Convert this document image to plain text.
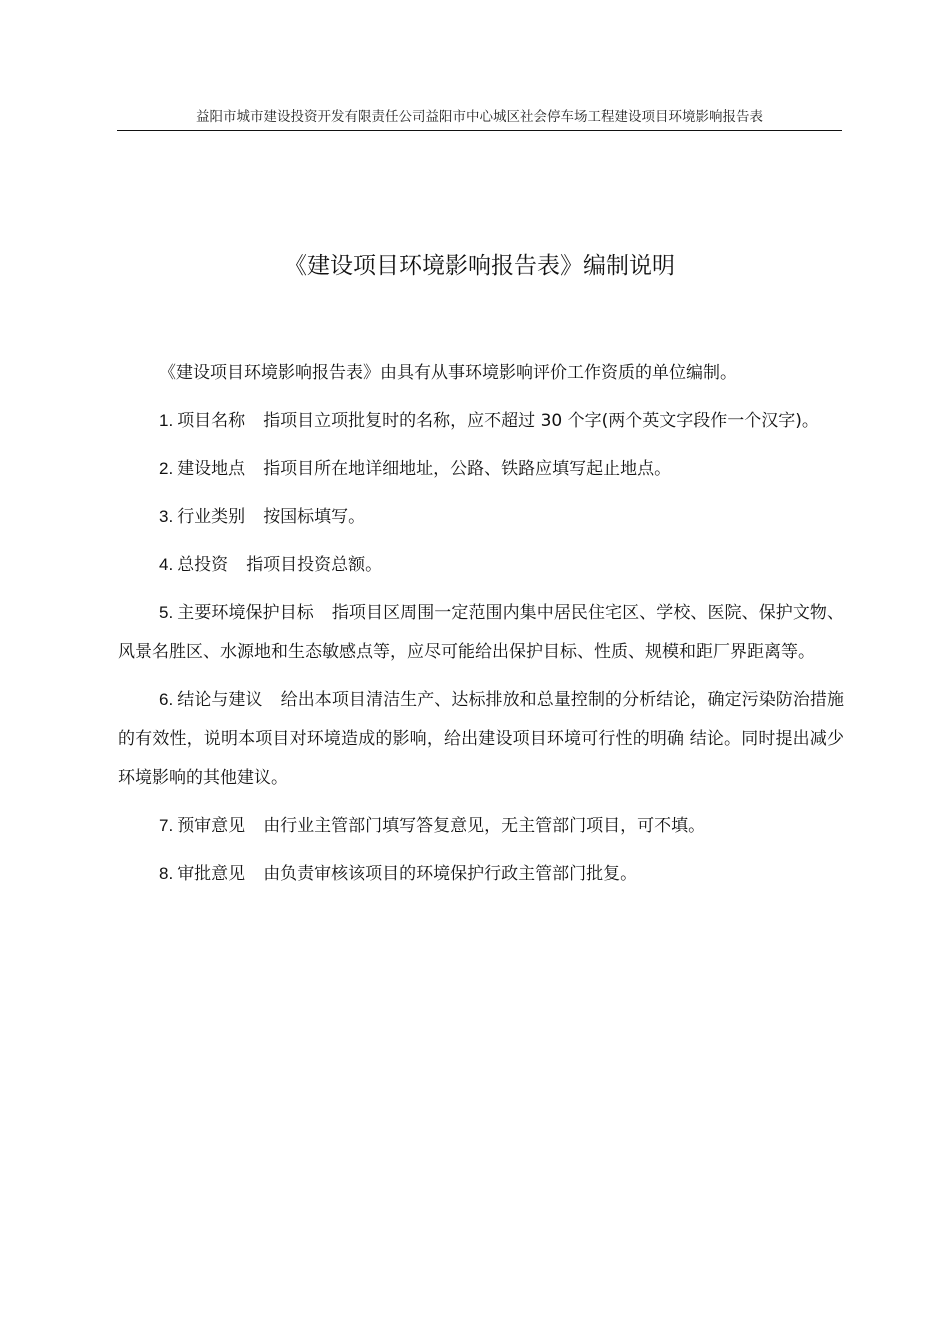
益阳市城市建设投资开发有限责任公司益阳市中心城区社会停车场工程建设项目环境影响报告表
《建设项目环境影响报告表》编制说明

《建设项目环境影响报告表》由具有从事环境影响评价工作资质的单位编制。

1. 项目名称 指项目立项批复时的名称，应不超过 30 个字(两个英文字段作一个汉字)。

2. 建设地点 指项目所在地详细地址，公路、铁路应填写起止地点。

3. 行业类别 按国标填写。

4. 总投资 指项目投资总额。

5. 主要环境保护目标 指项目区周围一定范围内集中居民住宅区、学校、医院、保护文物、风景名胜区、水源地和生态敏感点等，应尽可能给出保护目标、性质、规模和距厂界距离等。

6. 结论与建议 给出本项目清洁生产、达标排放和总量控制的分析结论，确定污染防治措施的有效性，说明本项目对环境造成的影响，给出建设项目环境可行性的明确 结论。同时提出减少环境影响的其他建议。

7. 预审意见 由行业主管部门填写答复意见，无主管部门项目，可不填。

8. 审批意见 由负责审核该项目的环境保护行政主管部门批复。
